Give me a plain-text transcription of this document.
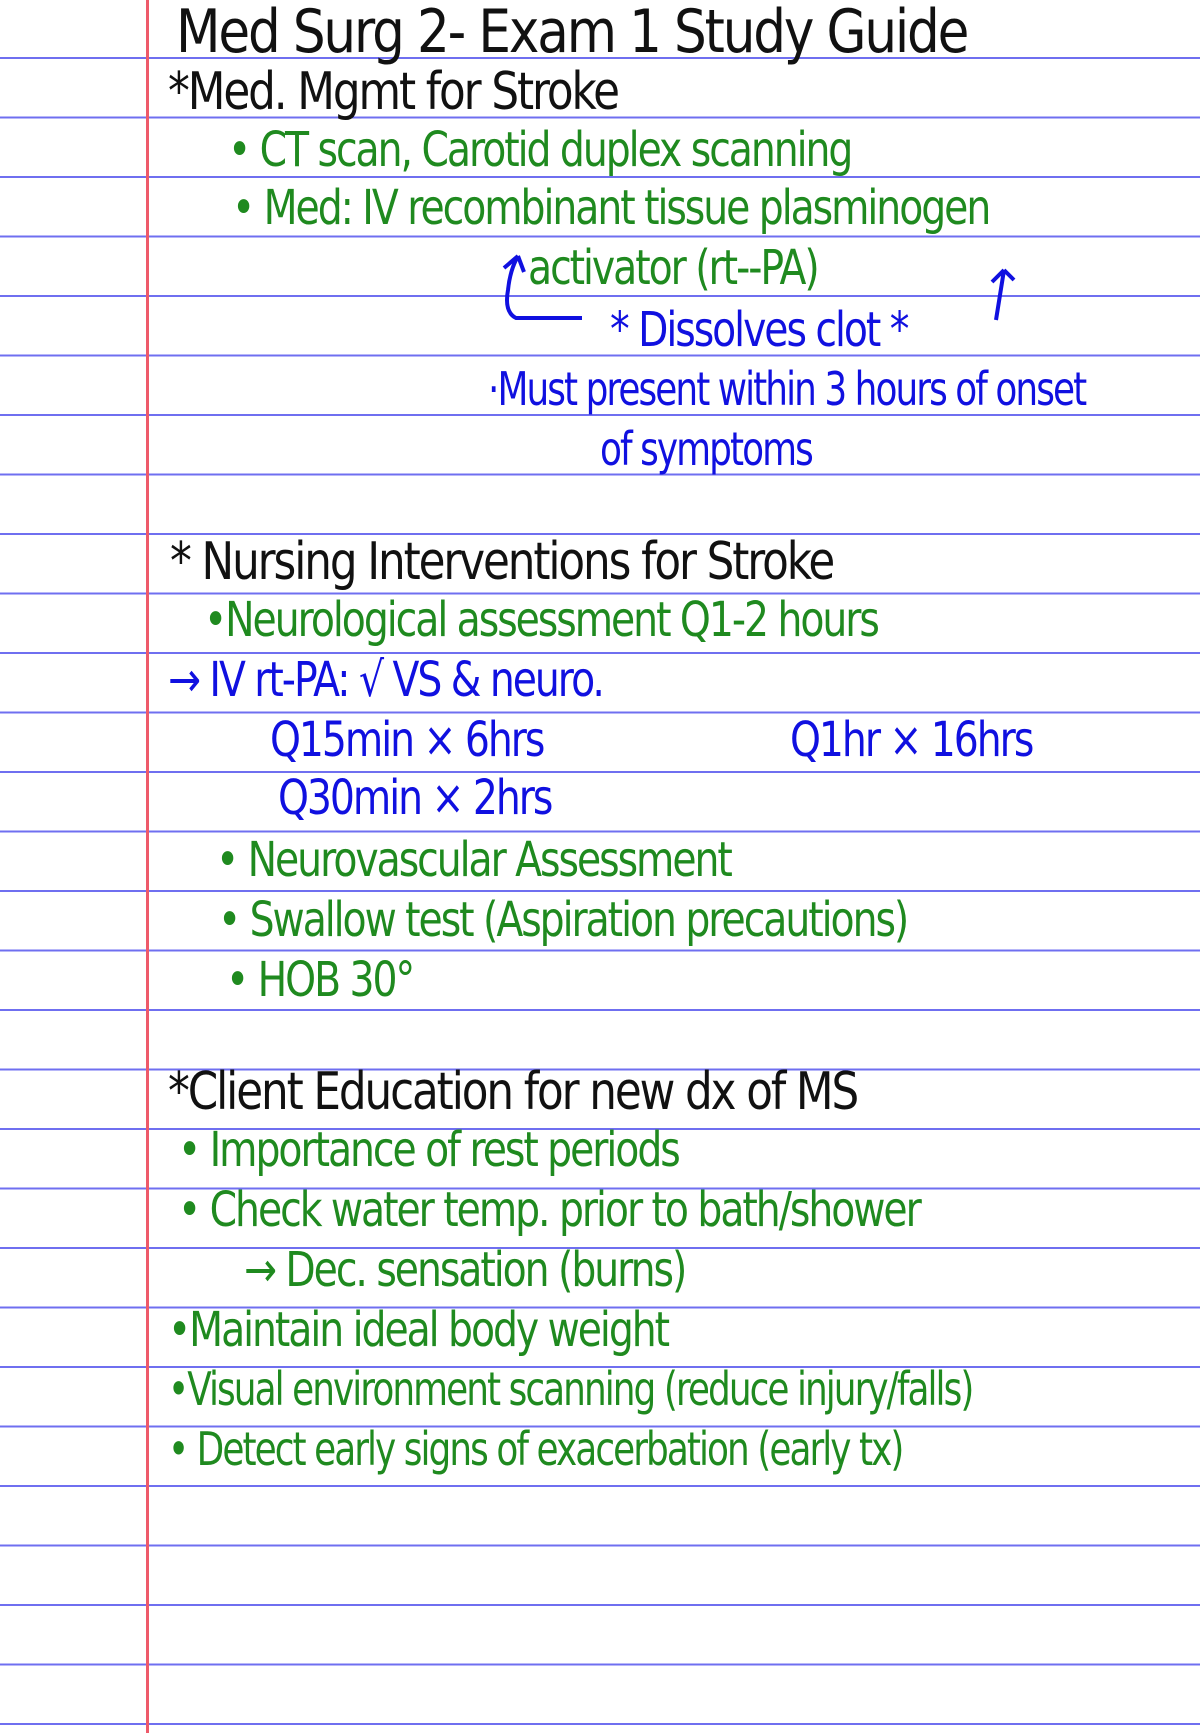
Med Surg 2- Exam 1 Study Guide
*Med. Mgmt for Stroke
• CT scan, Carotid duplex scanning
• Med: IV recombinant tissue plasminogen
activator (rt--PA)
* Dissolves clot *
·Must present within 3 hours of onset
of symptoms
* Nursing Interventions for Stroke
•Neurological assessment Q1-2 hours
→ IV rt-PA: √ VS & neuro.
Q15min × 6hrs	Q1hr × 16hrs
Q30min × 2hrs
• Neurovascular Assessment
• Swallow test (Aspiration precautions)
• HOB 30°
*Client Education for new dx of MS
• Importance of rest periods
• Check water temp. prior to bath/shower
→ Dec. sensation (burns)
•Maintain ideal body weight
•Visual environment scanning (reduce injury/falls)
• Detect early signs of exacerbation (early tx)
